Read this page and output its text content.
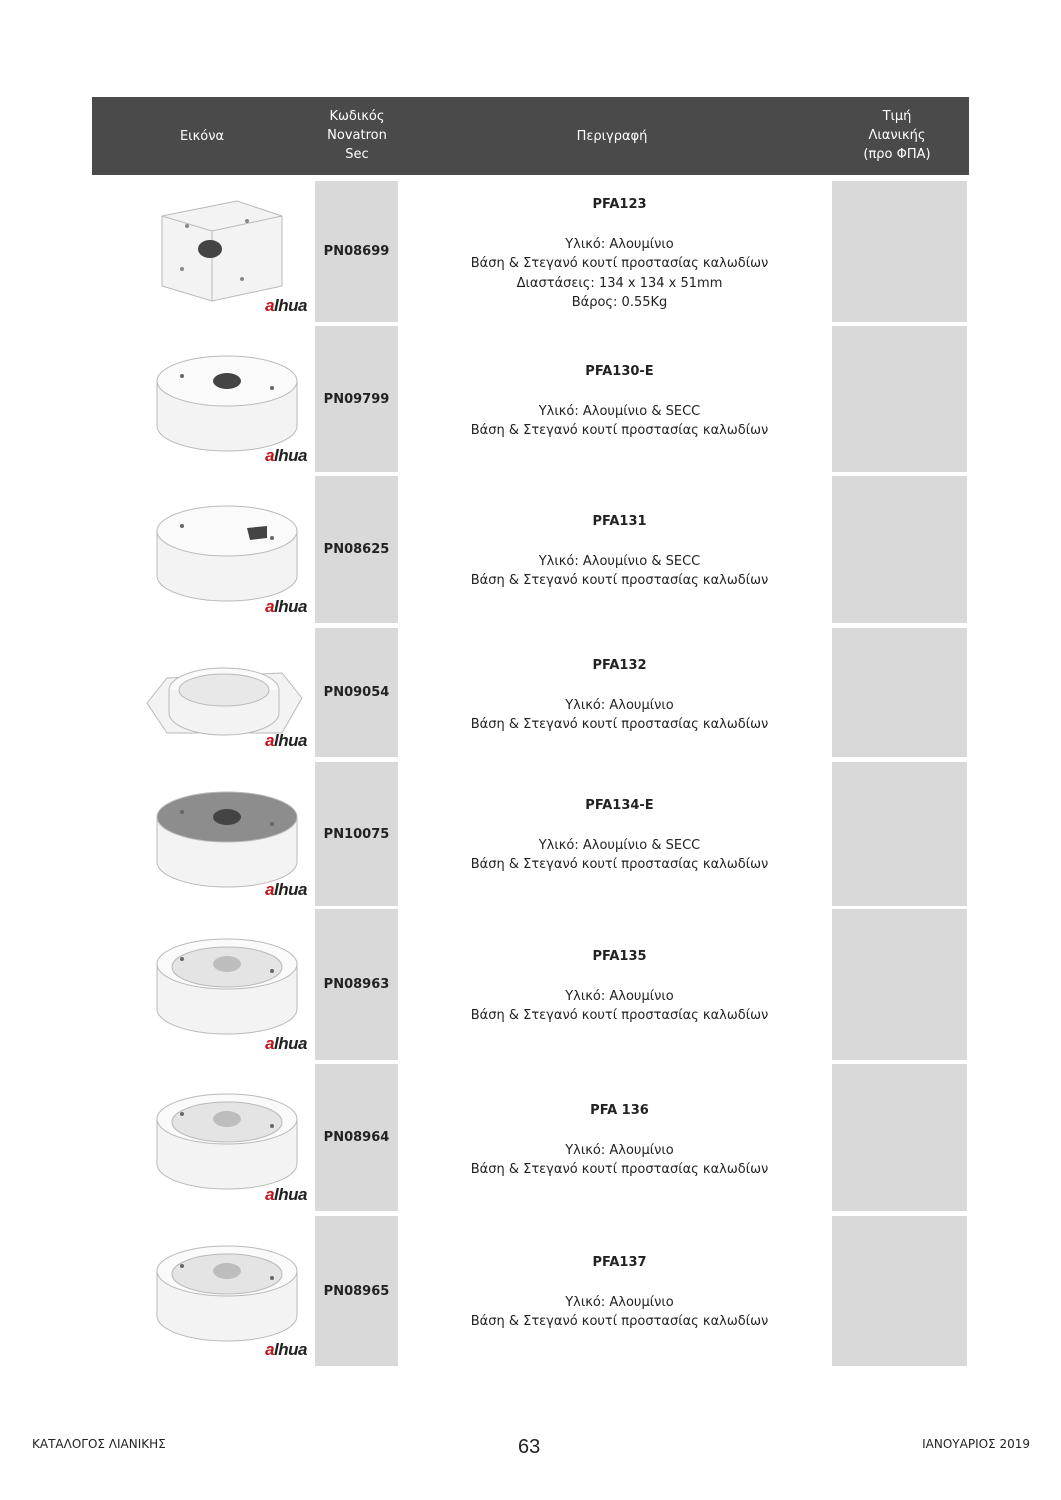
Εικόνα
Κωδικός
Novatron
Sec
Περιγραφή
Τιμή
Λιανικής
(προ ΦΠΑ)
alhua
PN08699
PFA123
Υλικό: Αλουμίνιο
Βάση & Στεγανό κουτί προστασίας καλωδίων
Διαστάσεις: 134 x 134 x 51mm
Βάρος: 0.55Kg
alhua
PN09799
PFA130-E
Υλικό: Αλουμίνιο & SECC
Βάση & Στεγανό κουτί προστασίας καλωδίων
alhua
PN08625
PFA131
Υλικό: Αλουμίνιο & SECC
Βάση & Στεγανό κουτί προστασίας καλωδίων
alhua
PN09054
PFA132
Υλικό: Αλουμίνιο
Βάση & Στεγανό κουτί προστασίας καλωδίων
alhua
PN10075
PFA134-E
Υλικό: Αλουμίνιο & SECC
Βάση & Στεγανό κουτί προστασίας καλωδίων
alhua
PN08963
PFA135
Υλικό: Αλουμίνιο
Βάση & Στεγανό κουτί προστασίας καλωδίων
alhua
PN08964
PFA 136
Υλικό: Αλουμίνιο
Βάση & Στεγανό κουτί προστασίας καλωδίων
alhua
PN08965
PFA137
Υλικό: Αλουμίνιο
Βάση & Στεγανό κουτί προστασίας καλωδίων
ΚΑΤΑΛΟΓΟΣ ΛΙΑΝΙΚΗΣ	63	ΙΑΝΟΥΑΡΙΟΣ 2019
